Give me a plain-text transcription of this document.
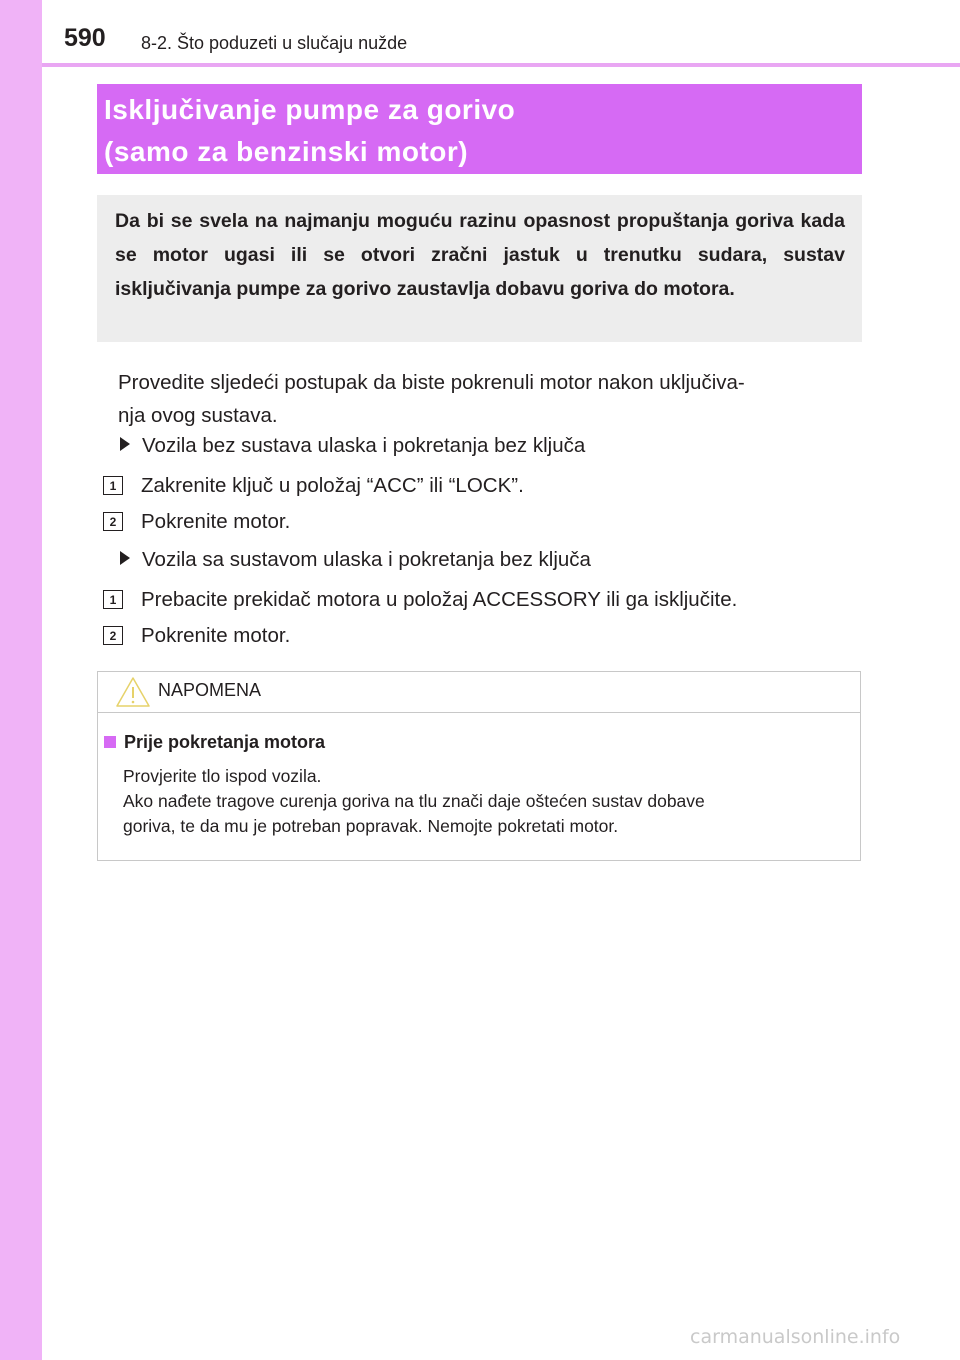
590 8-2. Što poduzeti u slučaju nužde
Isključivanje pumpe za gorivo
(samo za benzinski motor)
Da bi se svela na najmanju moguću razinu opasnost propuštanja goriva kada se motor ugasi ili se otvori zračni jastuk u trenutku sudara, sustav isključivanja pumpe za gorivo zaustavlja dobavu goriva do motora.
Provedite sljedeći postupak da biste pokrenuli motor nakon uključiva-
nja ovog sustava.
Vozila bez sustava ulaska i pokretanja bez ključa
1 Zakrenite ključ u položaj “ACC” ili “LOCK”.
2 Pokrenite motor.
Vozila sa sustavom ulaska i pokretanja bez ključa
1 Prebacite prekidač motora u položaj ACCESSORY ili ga isključite.
2 Pokrenite motor.
NAPOMENA
Prije pokretanja motora
Provjerite tlo ispod vozila.
Ako nađete tragove curenja goriva na tlu znači daje oštećen sustav dobave
goriva, te da mu je potreban popravak. Nemojte pokretati motor.
carmanualsonline.info
